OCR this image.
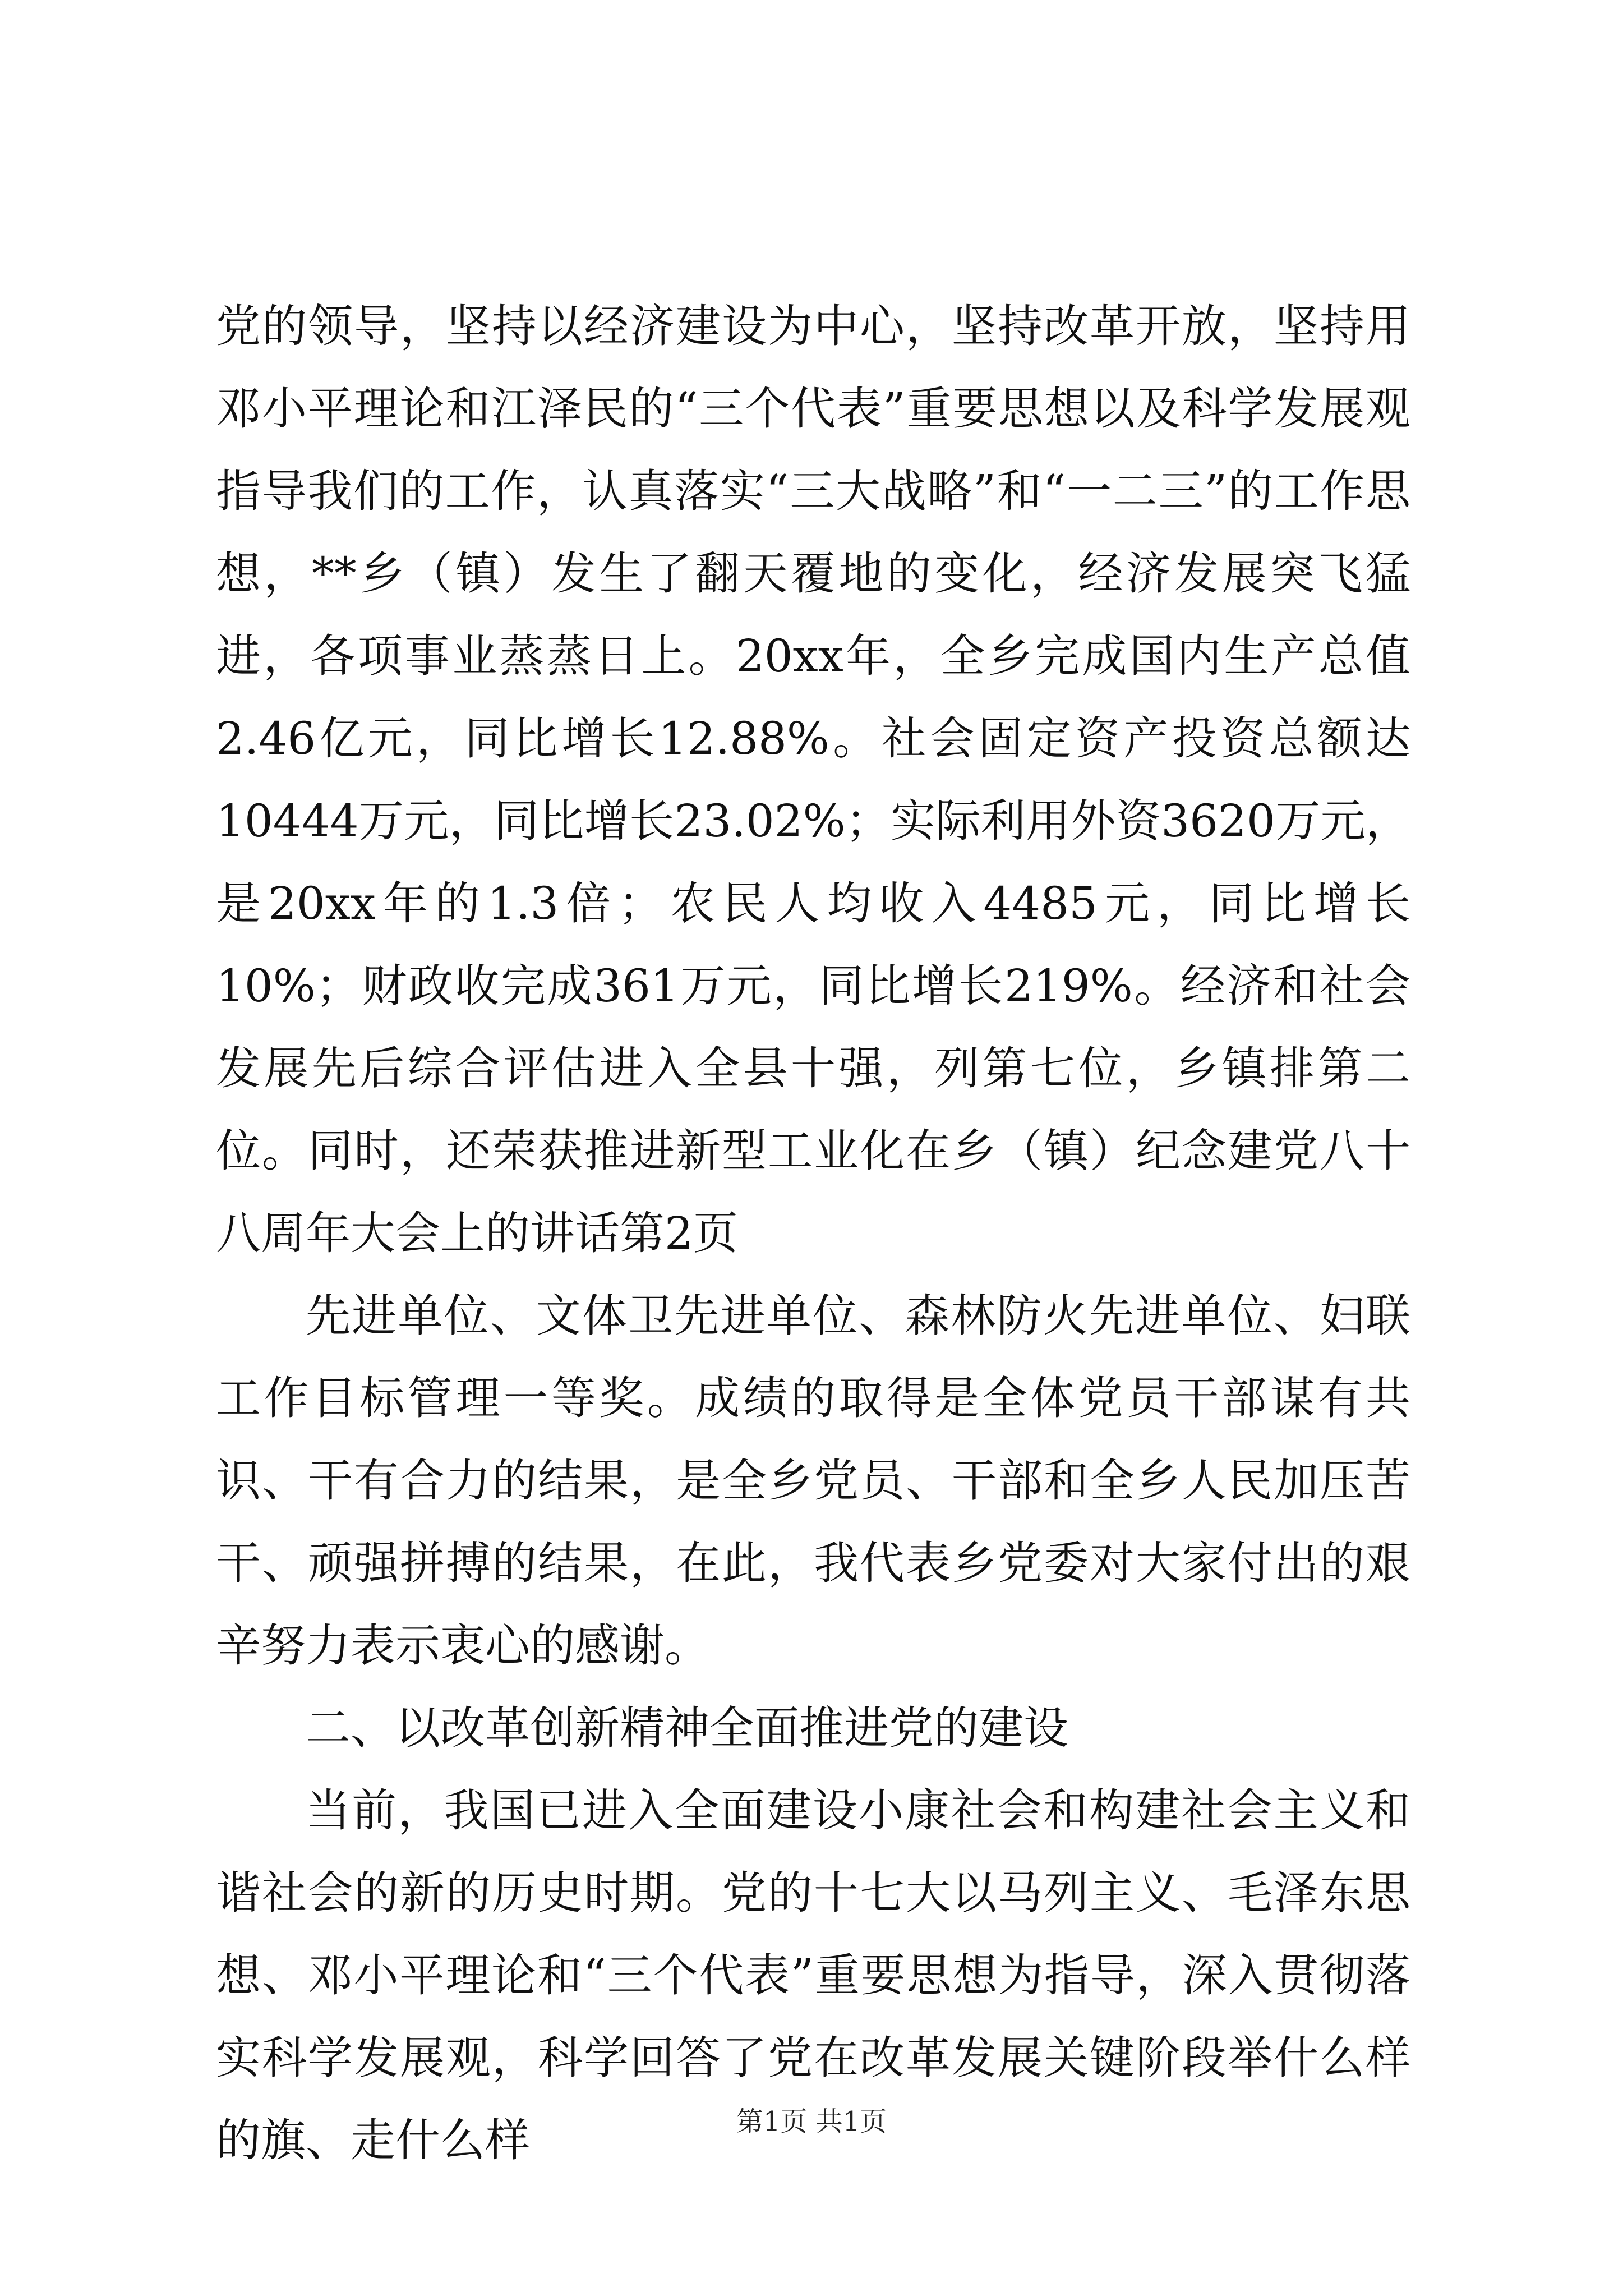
党的领导，坚持以经济建设为中心，坚持改革开放，坚持用邓小平理论和江泽民的“三个代表”重要思想以及科学发展观指导我们的工作，认真落实“三大战略”和“一二三”的工作思想，**乡（镇）发生了翻天覆地的变化，经济发展突飞猛进，各项事业蒸蒸日上。20xx年，全乡完成国内生产总值2.46亿元，同比增长12.88%。社会固定资产投资总额达10444万元，同比增长23.02%；实际利用外资3620万元，是20xx年的1.3倍；农民人均收入4485元，同比增长10%；财政收完成361万元，同比增长219%。经济和社会发展先后综合评估进入全县十强，列第七位，乡镇排第二位。同时，还荣获推进新型工业化在乡（镇）纪念建党八十八周年大会上的讲话第2页

先进单位、文体卫先进单位、森林防火先进单位、妇联工作目标管理一等奖。成绩的取得是全体党员干部谋有共识、干有合力的结果，是全乡党员、干部和全乡人民加压苦干、顽强拼搏的结果，在此，我代表乡党委对大家付出的艰辛努力表示衷心的感谢。

二、以改革创新精神全面推进党的建设

当前，我国已进入全面建设小康社会和构建社会主义和谐社会的新的历史时期。党的十七大以马列主义、毛泽东思想、邓小平理论和“三个代表”重要思想为指导，深入贯彻落实科学发展观，科学回答了党在改革发展关键阶段举什么样的旗、走什么样	第1页 共1页
